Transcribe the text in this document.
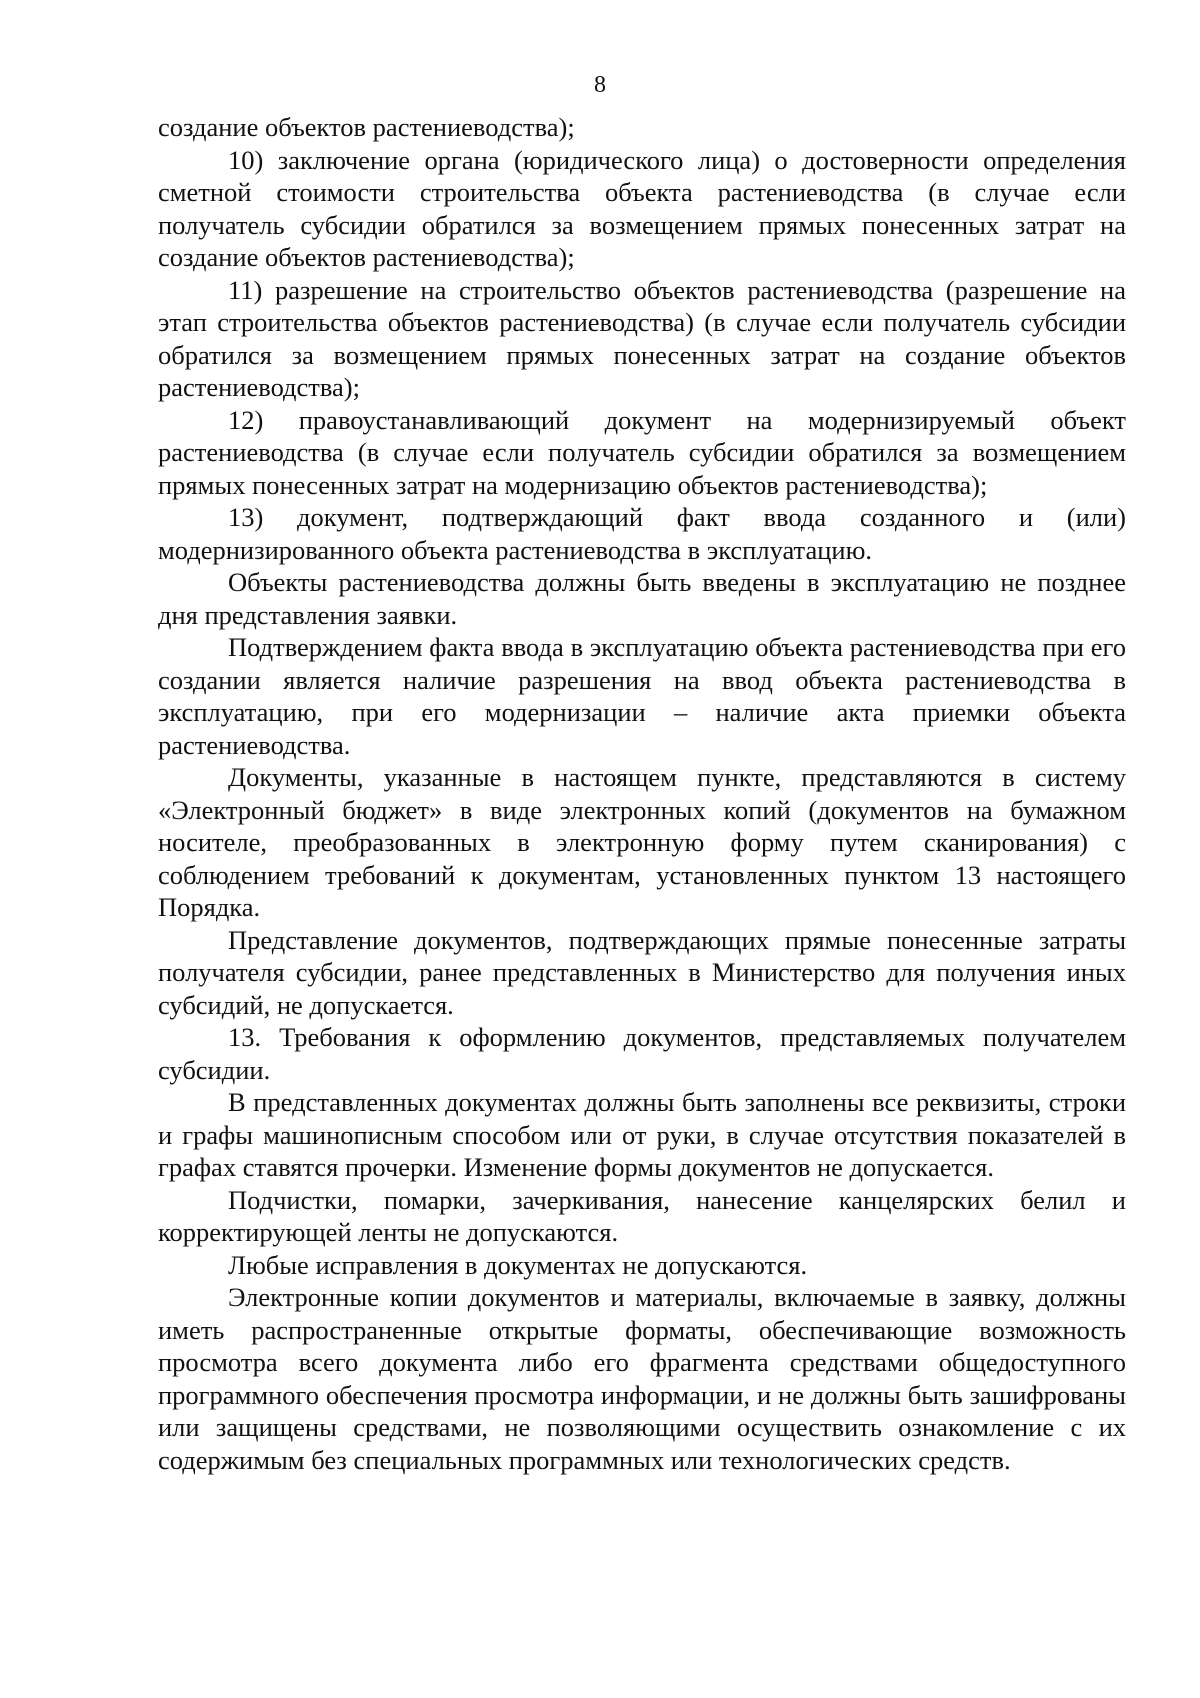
8

создание объектов растениеводства);

10) заключение органа (юридического лица) о достоверности определения сметной стоимости строительства объекта растениеводства (в случае если получатель субсидии обратился за возмещением прямых понесенных затрат на создание объектов растениеводства);

11) разрешение на строительство объектов растениеводства (разрешение на этап строительства объектов растениеводства) (в случае если получатель субсидии обратился за возмещением прямых понесенных затрат на создание объектов растениеводства);

12) правоустанавливающий документ на модернизируемый объект растениеводства (в случае если получатель субсидии обратился за возмещением прямых понесенных затрат на модернизацию объектов растениеводства);

13) документ, подтверждающий факт ввода созданного и (или) модернизированного объекта растениеводства в эксплуатацию.

Объекты растениеводства должны быть введены в эксплуатацию не позднее дня представления заявки.

Подтверждением факта ввода в эксплуатацию объекта растениеводства при его создании является наличие разрешения на ввод объекта растениеводства в эксплуатацию, при его модернизации – наличие акта приемки объекта растениеводства.

Документы, указанные в настоящем пункте, представляются в систему «Электронный бюджет» в виде электронных копий (документов на бумажном носителе, преобразованных в электронную форму путем сканирования) с соблюдением требований к документам, установленных пунктом 13 настоящего Порядка.

Представление документов, подтверждающих прямые понесенные затраты получателя субсидии, ранее представленных в Министерство для получения иных субсидий, не допускается.

13. Требования к оформлению документов, представляемых получателем субсидии.

В представленных документах должны быть заполнены все реквизиты, строки и графы машинописным способом или от руки, в случае отсутствия показателей в графах ставятся прочерки. Изменение формы документов не допускается.

Подчистки, помарки, зачеркивания, нанесение канцелярских белил и корректирующей ленты не допускаются.

Любые исправления в документах не допускаются.

Электронные копии документов и материалы, включаемые в заявку, должны иметь распространенные открытые форматы, обеспечивающие возможность просмотра всего документа либо его фрагмента средствами общедоступного программного обеспечения просмотра информации, и не должны быть зашифрованы или защищены средствами, не позволяющими осуществить ознакомление с их содержимым без специальных программных или технологических средств.
